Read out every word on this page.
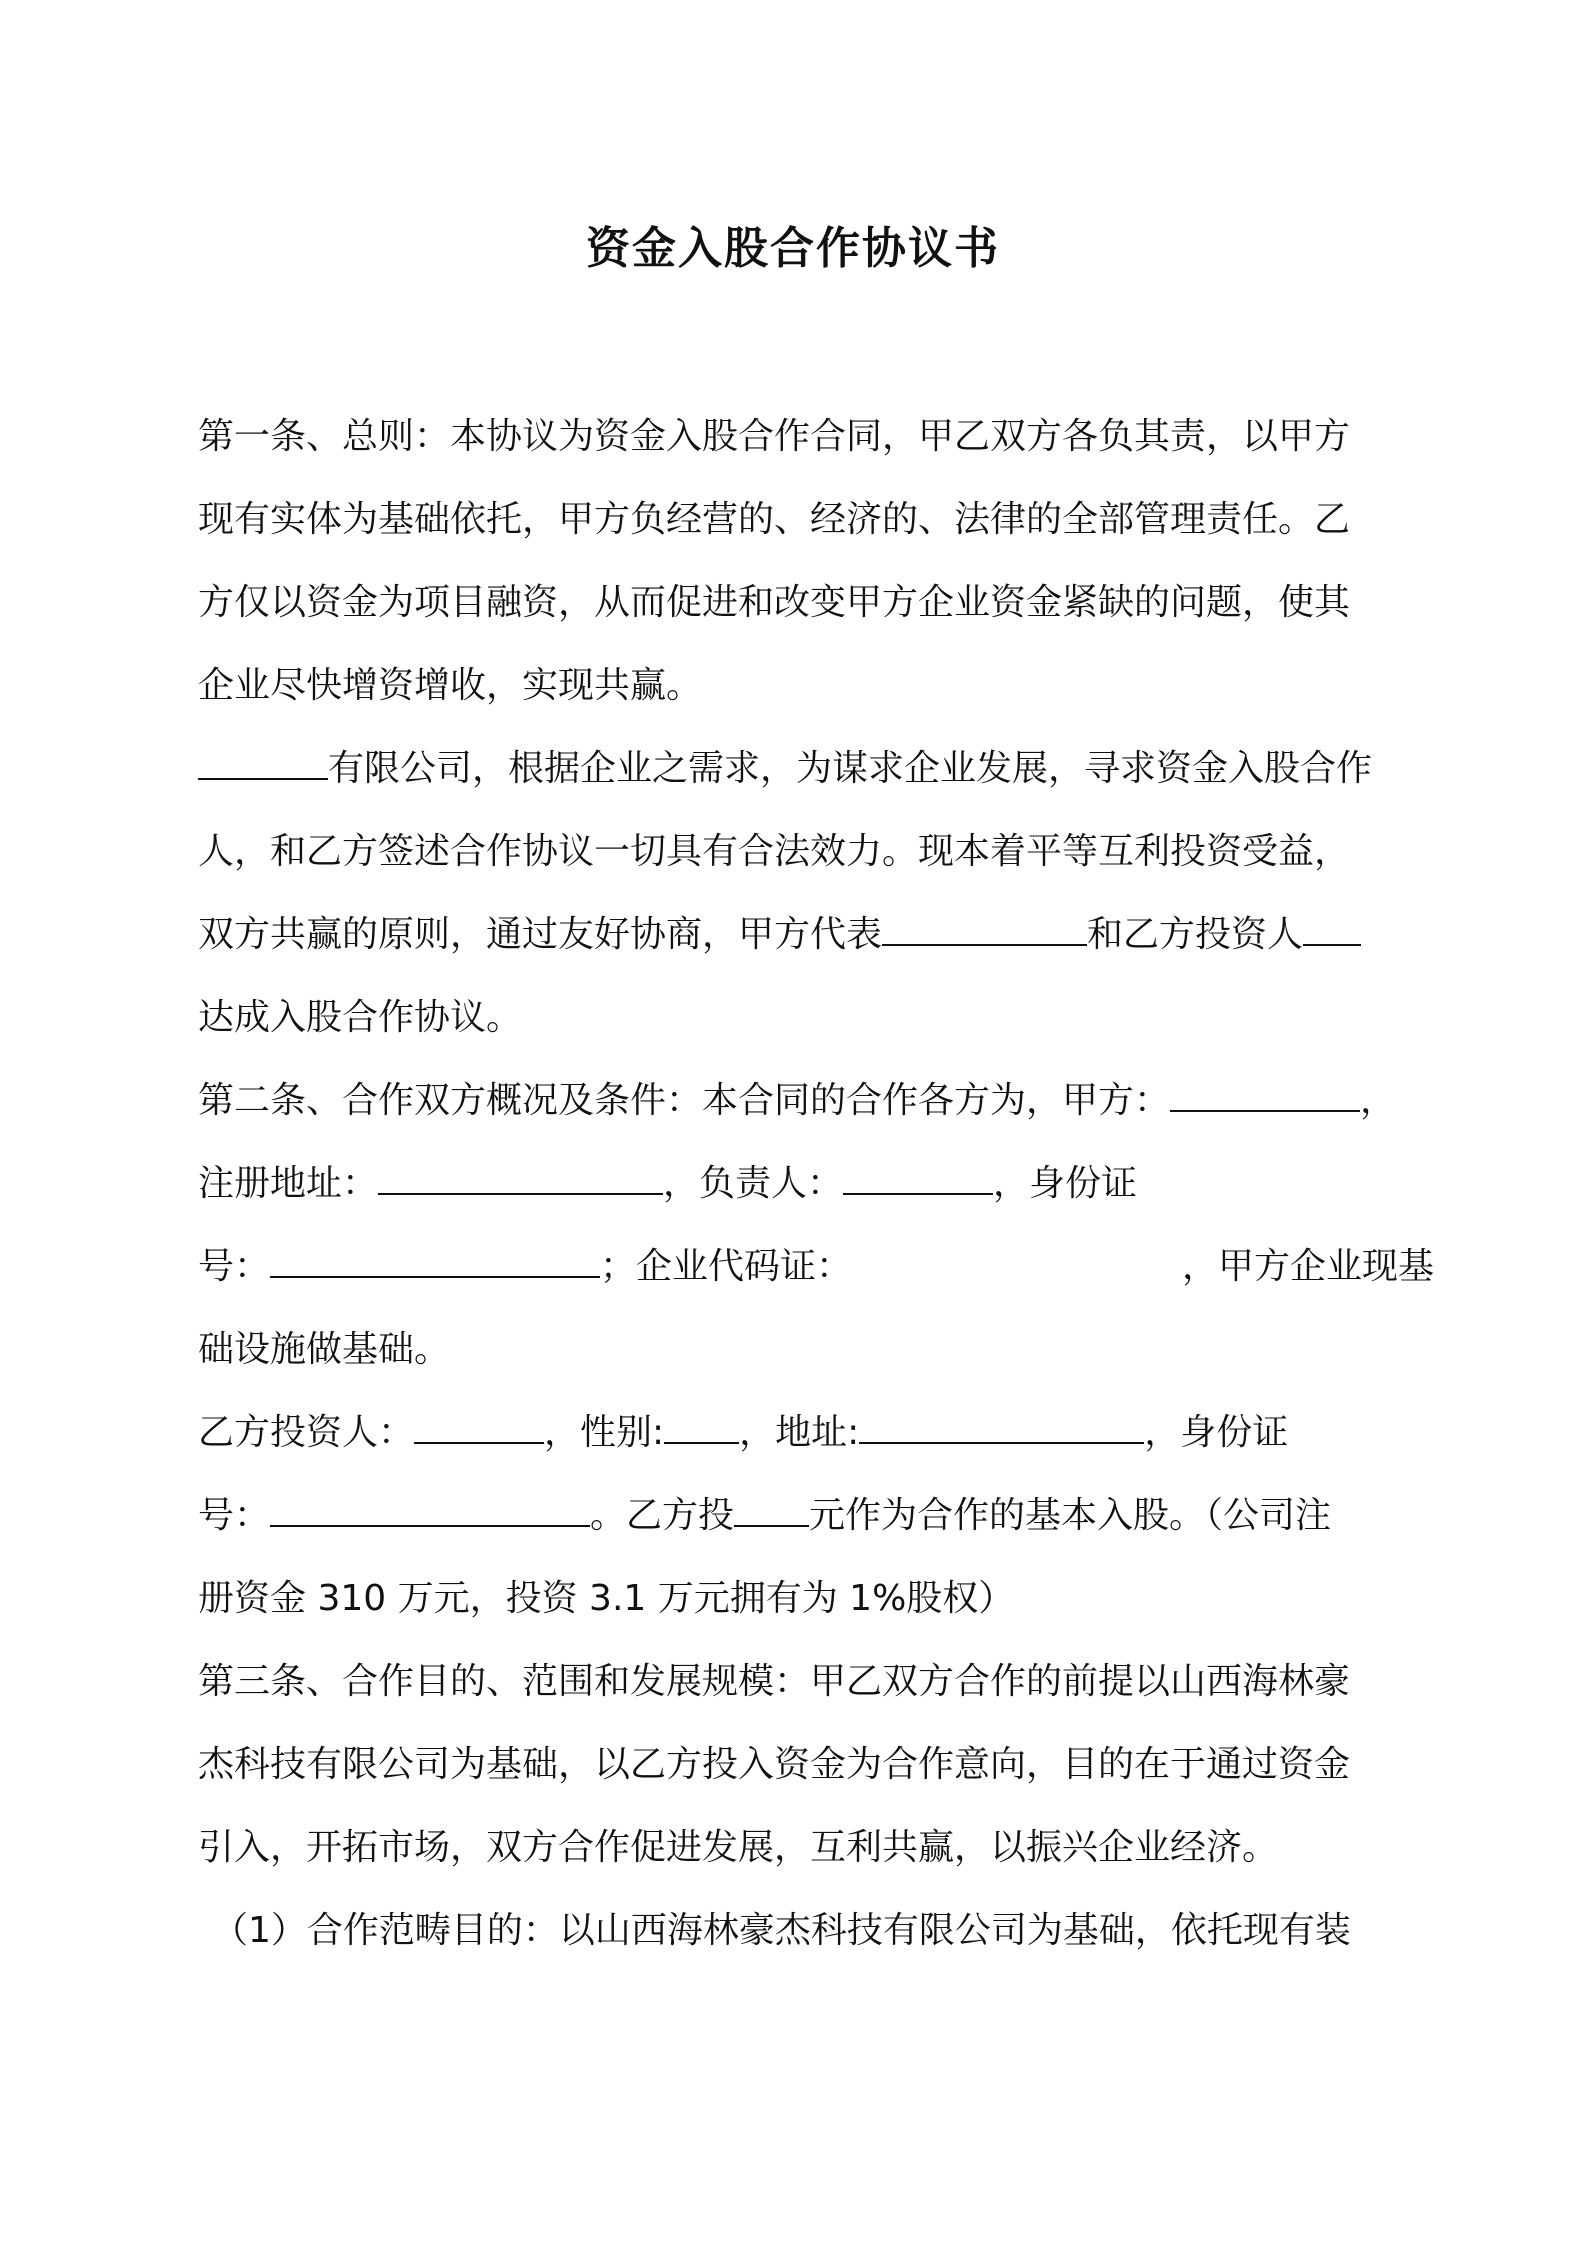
资金入股合作协议书
第一条、总则：本协议为资金入股合作合同，甲乙双方各负其责，以甲方
现有实体为基础依托，甲方负经营的、经济的、法律的全部管理责任。乙
方仅以资金为项目融资，从而促进和改变甲方企业资金紧缺的问题，使其
企业尽快增资增收，实现共赢。
有限公司，根据企业之需求，为谋求企业发展，寻求资金入股合作
人，和乙方签述合作协议一切具有合法效力。现本着平等互利投资受益，
双方共赢的原则，通过友好协商，甲方代表	和乙方投资人
达成入股合作协议。
第二条、合作双方概况及条件：本合同的合作各方为，甲方：	，
注册地址：	，负责人：	，身份证
号：	；企业代码证：	，甲方企业现基
础设施做基础。
乙方投资人：	，性别: ，地址:	，身份证
号：	。乙方投 元作为合作的基本入股。（公司注
册资金 310 万元，投资 3.1 万元拥有为 1%股权）
第三条、合作目的、范围和发展规模：甲乙双方合作的前提以山西海林豪
杰科技有限公司为基础，以乙方投入资金为合作意向，目的在于通过资金
引入，开拓市场，双方合作促进发展，互利共赢，以振兴企业经济。
（1）合作范畴目的：以山西海林豪杰科技有限公司为基础，依托现有装
